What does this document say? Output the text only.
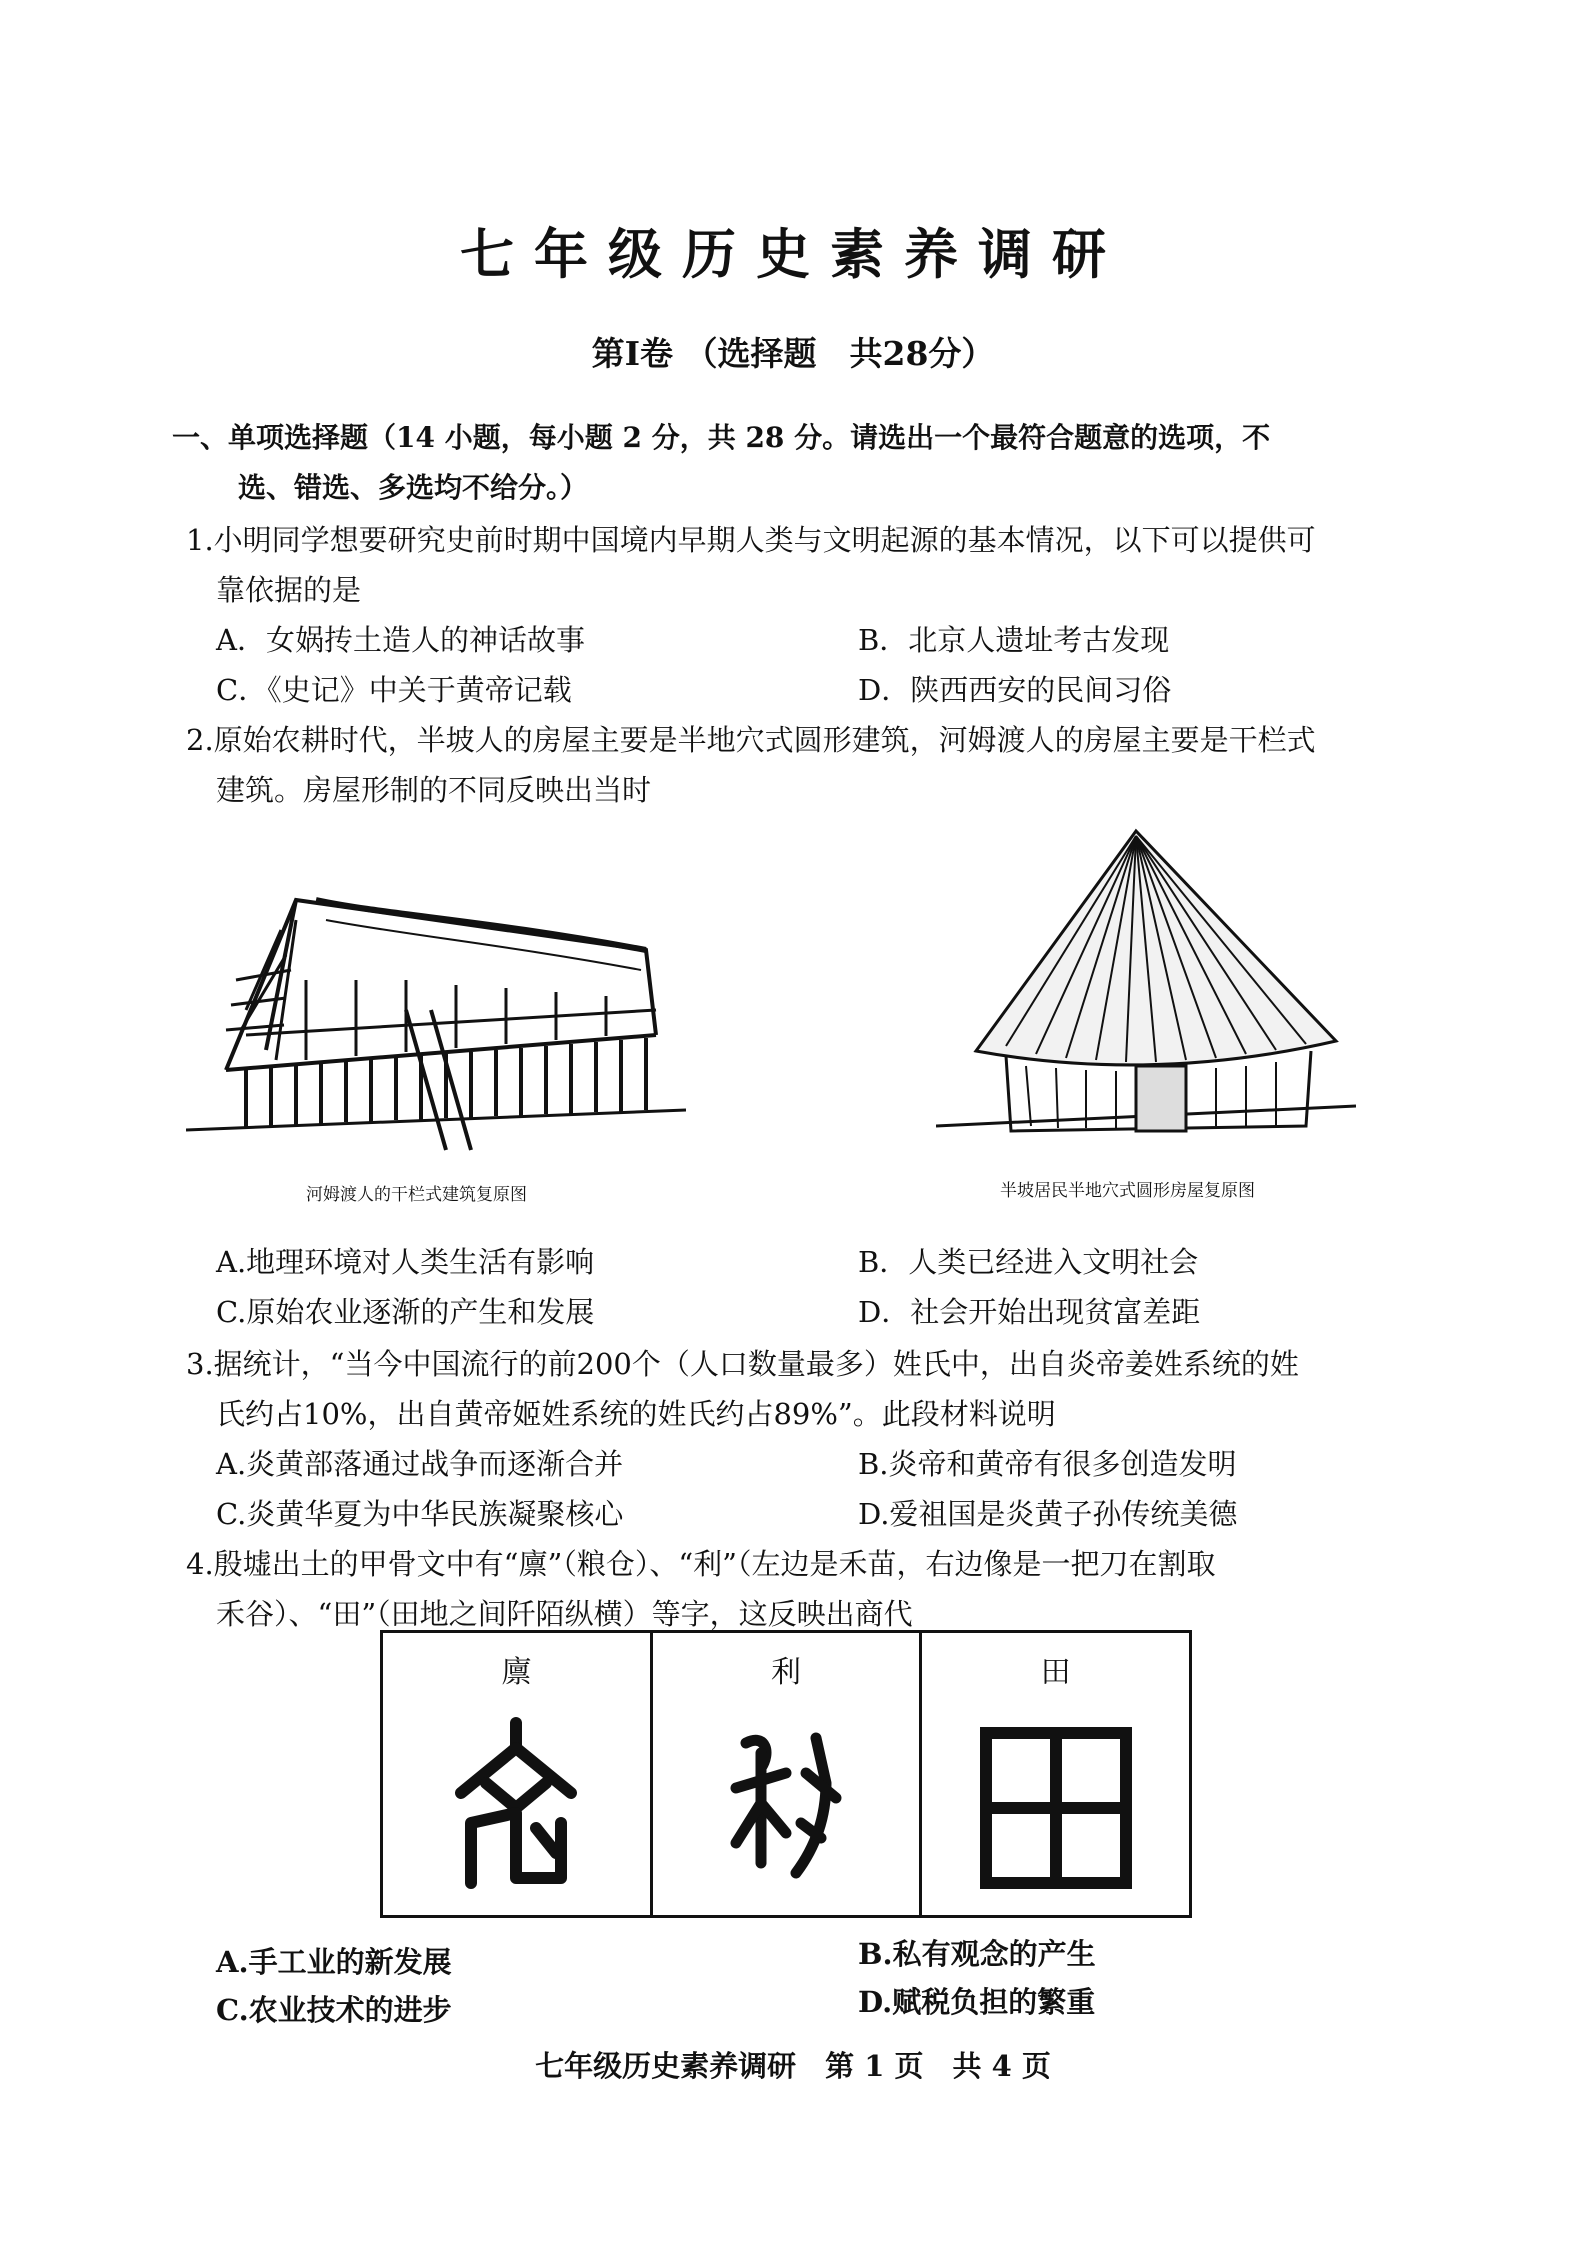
七年级历史素养调研
第Ⅰ卷 （选择题　共28分）
一、单项选择题（14 小题，每小题 2 分，共 28 分。请选出一个最符合题意的选项，不
选、错选、多选均不给分。）
1.小明同学想要研究史前时期中国境内早期人类与文明起源的基本情况，以下可以提供可
靠依据的是
A．女娲抟土造人的神话故事	B．北京人遗址考古发现
C．《史记》中关于黄帝记载	D．陕西西安的民间习俗
2.原始农耕时代，半坡人的房屋主要是半地穴式圆形建筑，河姆渡人的房屋主要是干栏式
建筑。房屋形制的不同反映出当时
河姆渡人的干栏式建筑复原图	半坡居民半地穴式圆形房屋复原图
A.地理环境对人类生活有影响	B．人类已经进入文明社会
C.原始农业逐渐的产生和发展	D．社会开始出现贫富差距
3.据统计，“当今中国流行的前200个（人口数量最多）姓氏中，出自炎帝姜姓系统的姓
氏约占10%，出自黄帝姬姓系统的姓氏约占89%”。此段材料说明
A.炎黄部落通过战争而逐渐合并	B.炎帝和黄帝有很多创造发明
C.炎黄华夏为中华民族凝聚核心	D.爱祖国是炎黄子孙传统美德
4.殷墟出土的甲骨文中有“廪”（粮仓）、“利”（左边是禾苗，右边像是一把刀在割取
禾谷）、“田”（田地之间阡陌纵横）等字，这反映出商代
廪	利	田
A.手工业的新发展	B.私有观念的产生
C.农业技术的进步	D.赋税负担的繁重
七年级历史素养调研　第 1 页　共 4 页
